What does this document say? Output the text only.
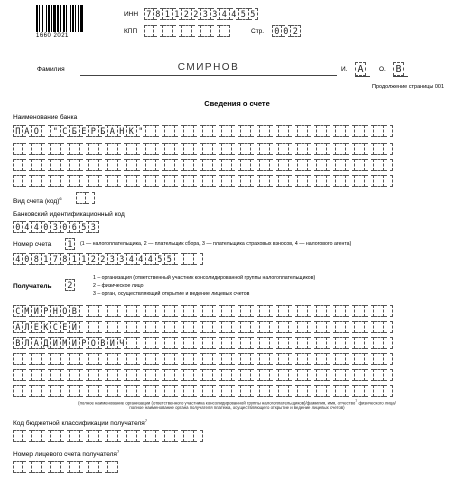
1660 2021
ИНН 7 8 1 1 2 2 3 3 4 4 5 5
КПП	Стр. 0 0 2
Фамилия	СМИРНОВ	И. А	О. В
Продолжение страницы 001
Сведения о счете
Наименование банка
П А О	" С Б Е Р Б А Н К "
Вид счета (код)$^6$
Банковский идентификационный код
0 4 4 0 3 0 6 5 3
Номер счета 1	(1 — налогоплательщика, 2 — плательщик сбора, 3 — плательщика страховых взносов, 4 — налогового агента)
4 0 8 1 7 8 1 1 2 2 3 3 4 4 4 5 5
Получатель 2
1 – организация (ответственный участник консолидированной группы налогоплательщиков)
2 – физическое лицо
3 – орган, осуществляющий открытие и ведение лицевых счетов
С М И Р Н О В
А Л Е К С Е Й
В Л А Д И М И Р О В И Ч
(полное наименование организации (ответственного участника консолидированной группы налогоплательщиков)/фамилия, имя, отчество$^7$ физического лица/
полное наименование органа получателя платежа, осуществляющего открытие и ведение лицевых счетов)
Код бюджетной классификации получателя$^7$
Номер лицевого счета получателя$^7$
